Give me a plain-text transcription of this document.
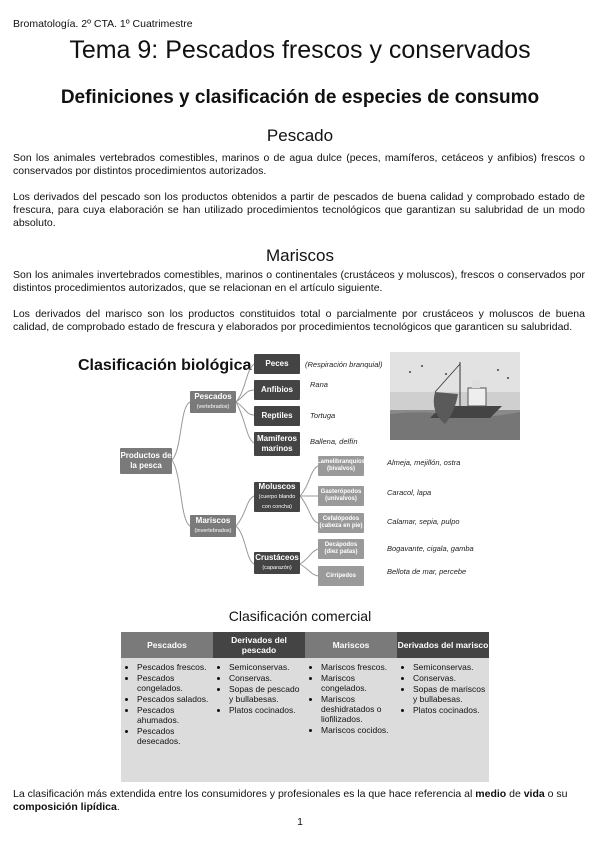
Bromatología. 2º CTA. 1º Cuatrimestre
Tema 9: Pescados frescos y conservados
Definiciones y clasificación de especies de consumo
Pescado
Son los animales vertebrados comestibles, marinos o de agua dulce (peces, mamíferos, cetáceos y anfibios) frescos o conservados por distintos procedimientos autorizados.
Los derivados del pescado son los productos obtenidos a partir de pescados de buena calidad y comprobado estado de frescura, para cuya elaboración se han utilizado procedimientos tecnológicos que garantizan su salubridad de un modo absoluto.
Mariscos
Son los animales invertebrados comestibles, marinos o continentales (crustáceos y moluscos), frescos o conservados por distintos procedimientos autorizados, que se relacionan en el artículo siguiente.
Los derivados del marisco son los productos constituidos total o parcialmente por crustáceos y moluscos de buena calidad, de comprobado estado de frescura y elaborados por procedimientos tecnológicos que garanticen su salubridad.
Clasificación biológica
Productos de la pesca
Pescados
(vertebrados)
Mariscos
(invertebrados)
Peces
Anfibios
Reptiles
Mamíferos marinos
Moluscos
(cuerpo blando con concha)
Crustáceos
(caparazón)
Lamelibranquios (bivalvos)
Gasterópodos (univalvos)
Cefalópodos (cabeza en pie)
Decápodos (diez patas)
Cirrípedos
(Respiración branquial)
Rana
Tortuga
Ballena, delfín
Almeja, mejillón, ostra
Caracol, lapa
Calamar, sepia, pulpo
Bogavante, cigala, gamba
Bellota de mar, percebe
Clasificación comercial
Pescados
• Pescados frescos.
• Pescados congelados.
• Pescados salados.
• Pescados ahumados.
• Pescados desecados.
Derivados del pescado
• Semiconservas.
• Conservas.
• Sopas de pescado y bullabesas.
• Platos cocinados.
Mariscos
• Mariscos frescos.
• Mariscos congelados.
• Mariscos deshidratados o liofilizados.
• Mariscos cocidos.
Derivados del marisco
• Semiconservas.
• Conservas.
• Sopas de mariscos y bullabesas.
• Platos cocinados.
La clasificación más extendida entre los consumidores y profesionales es la que hace referencia al medio de vida o su composición lipídica.
1
